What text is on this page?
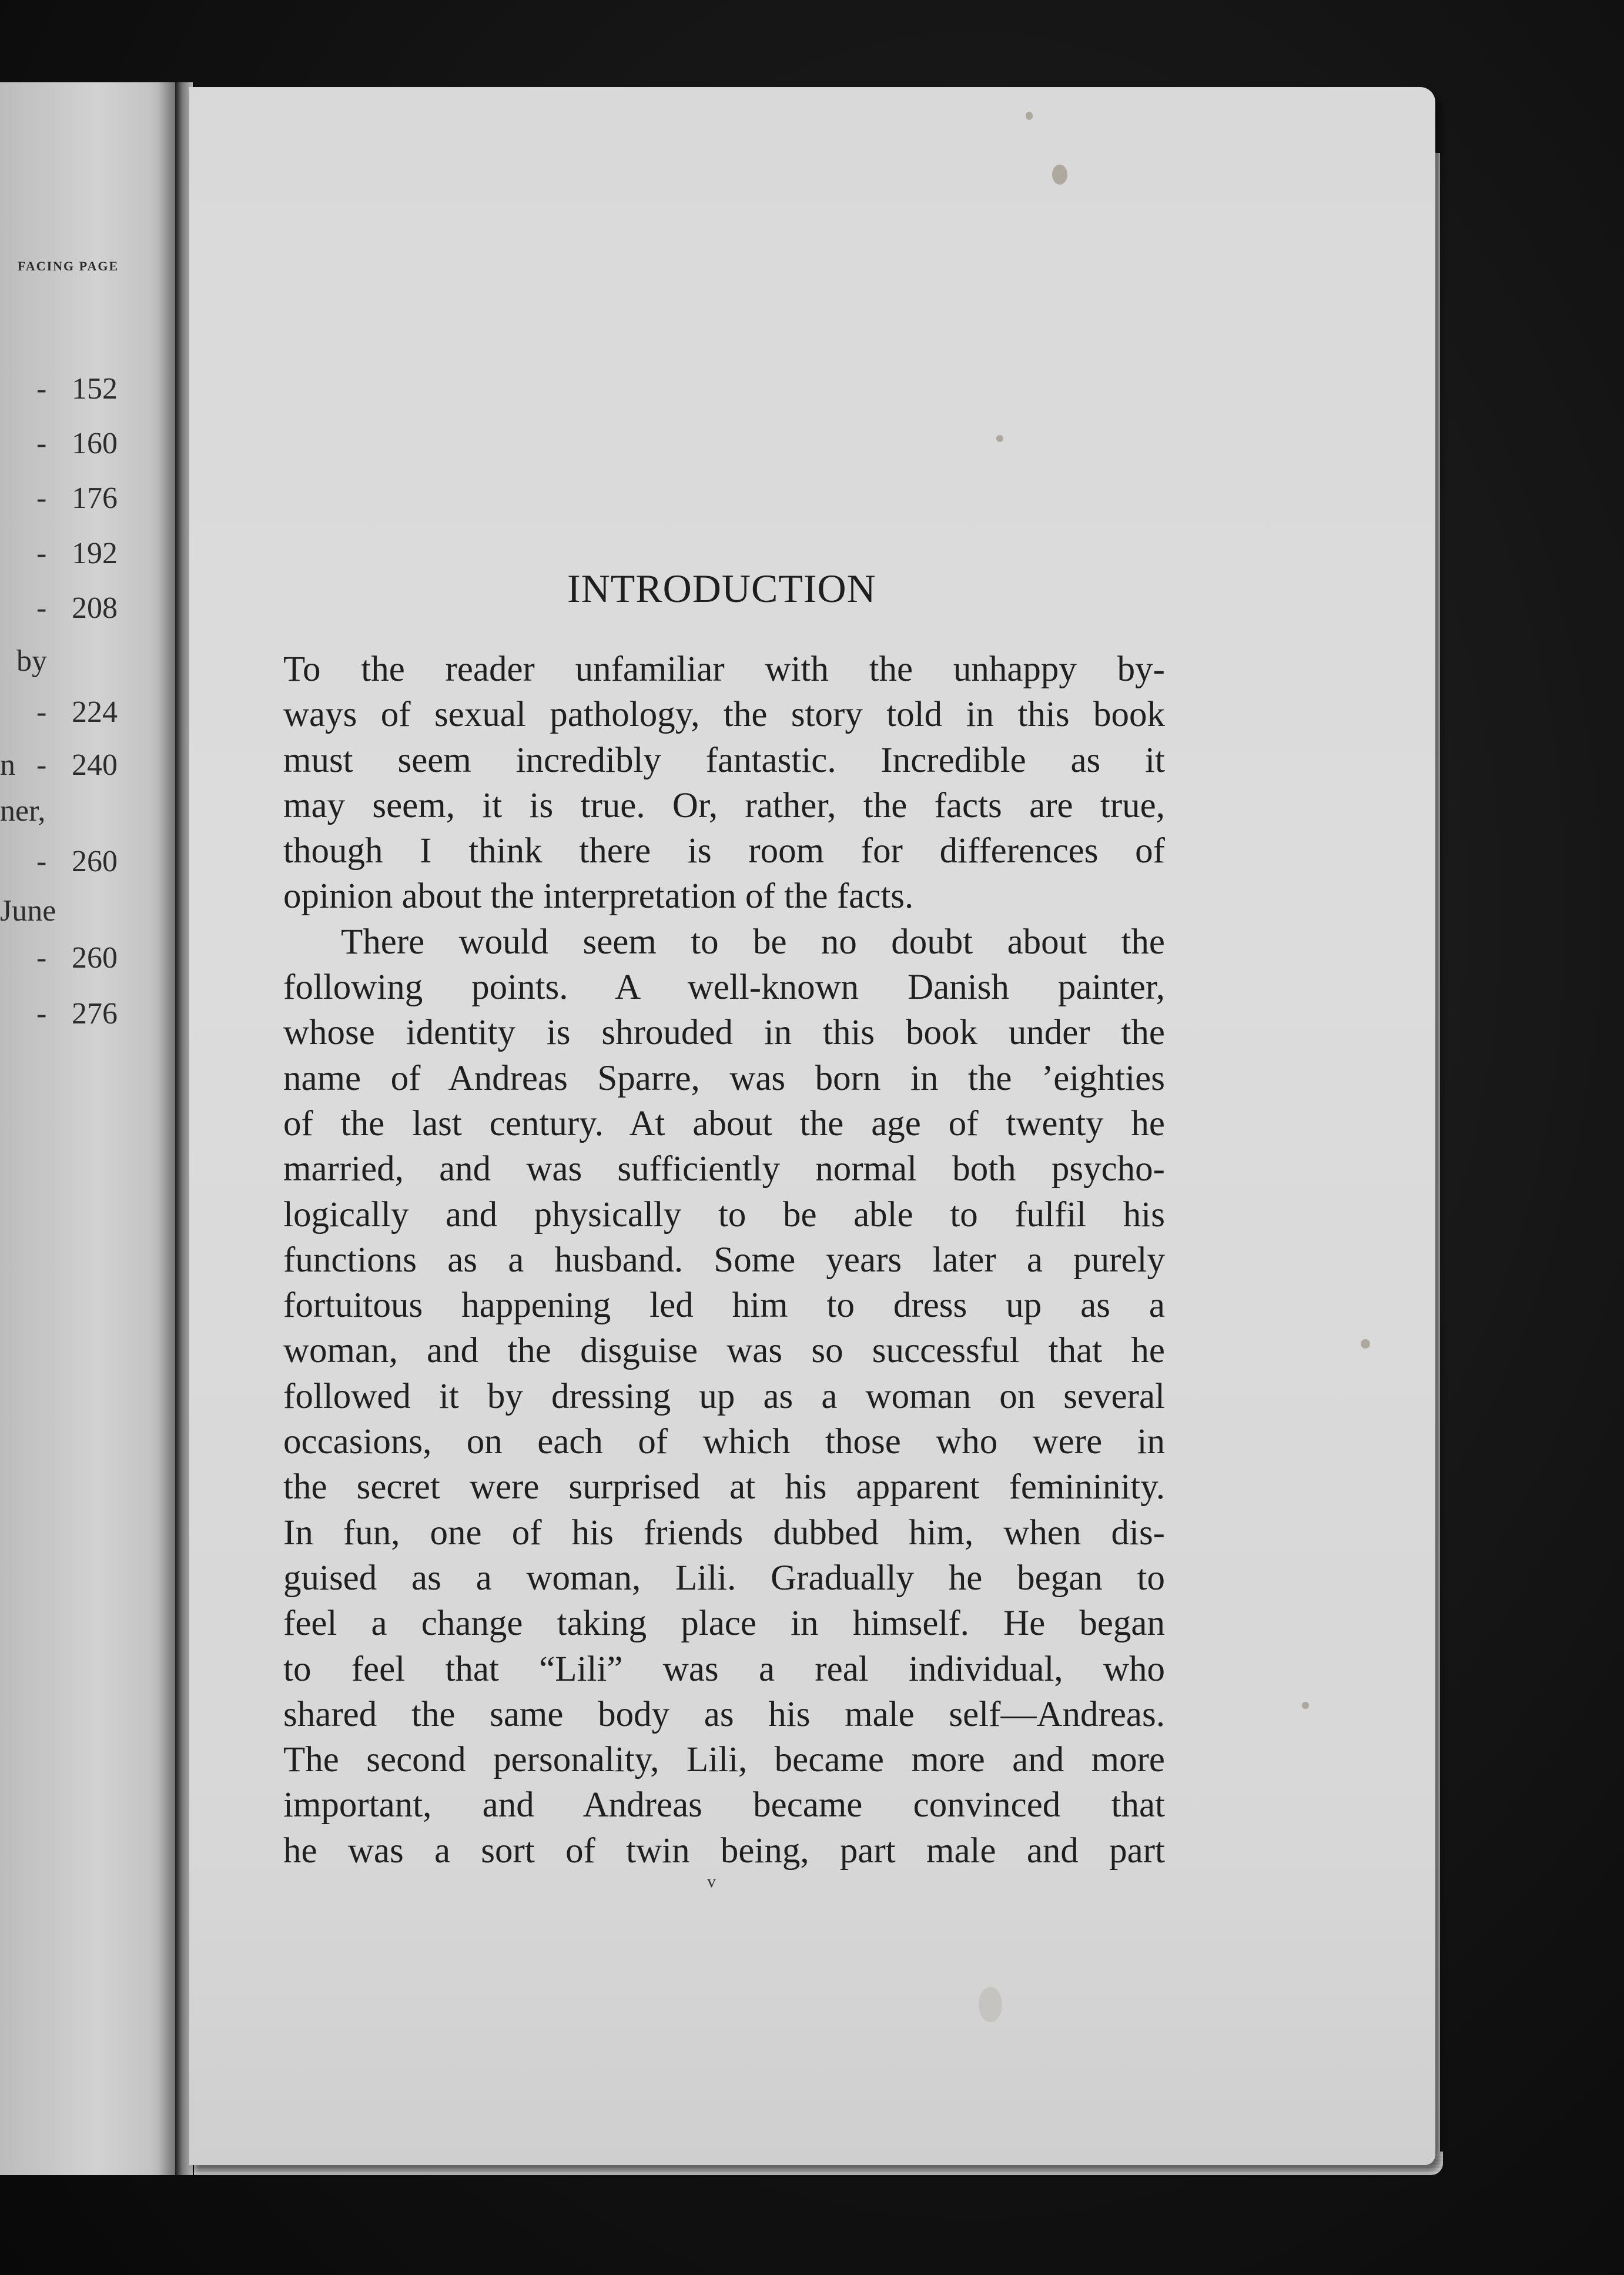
FACING PAGE
- 152
- 160
- 176
- 192
- 208
by
- 224
n - 240
ner,
- 260
June
- 260
- 276
INTRODUCTION
To the reader unfamiliar with the unhappy by-
ways of sexual pathology, the story told in this book
must seem incredibly fantastic. Incredible as it
may seem, it is true. Or, rather, the facts are true,
though I think there is room for differences of
opinion about the interpretation of the facts.
There would seem to be no doubt about the
following points. A well-known Danish painter,
whose identity is shrouded in this book under the
name of Andreas Sparre, was born in the ’eighties
of the last century. At about the age of twenty he
married, and was sufficiently normal both psycho-
logically and physically to be able to fulfil his
functions as a husband. Some years later a purely
fortuitous happening led him to dress up as a
woman, and the disguise was so successful that he
followed it by dressing up as a woman on several
occasions, on each of which those who were in
the secret were surprised at his apparent femininity.
In fun, one of his friends dubbed him, when dis-
guised as a woman, Lili. Gradually he began to
feel a change taking place in himself. He began
to feel that “Lili” was a real individual, who
shared the same body as his male self—Andreas.
The second personality, Lili, became more and more
important, and Andreas became convinced that
he was a sort of twin being, part male and part
v
